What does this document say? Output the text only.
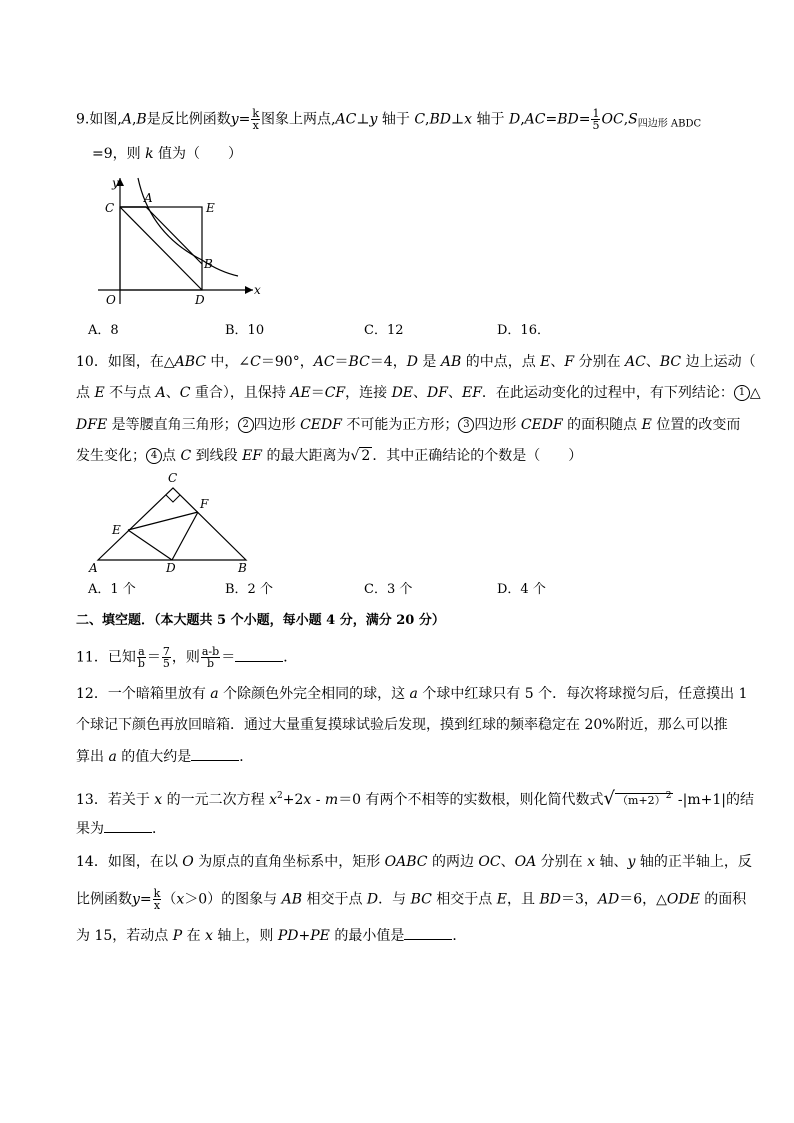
9.如图,A,B是反比例函数$y= \frac{k}{x}$ 图象上两点,AC⊥y 轴于 C,BD⊥x 轴于 $D,AC=BD= \frac{1}{5} OC,S_{四边形 ABDC}$
=9，则 k 值为（　　）
y
x
C
A
E
B
O	D
A．8	B．10	C．12	D．16．
10．如图，在△ABC 中，∠C＝90°，AC＝BC＝4，D 是 AB 的中点，点 E、F 分别在 AC、BC 边上运动（
点 E 不与点 A、C 重合），且保持 AE＝CF，连接 DE、DF、EF．在此运动变化的过程中，有下列结论： 1 △
DFE 是等腰直角三角形； 2 四边形 CEDF 不可能为正方形； 3 四边形 CEDF 的面积随点 E 位置的改变而
发生变化； 4 点 C 到线段 EF 的最大距离为√ 2 ．其中正确结论的个数是（　　）
C
F
E
A	D	B
A．1 个	B．2 个	C．3 个	D．4 个
二、填空题．（本大题共 5 个小题，每小题 4 分，满分 20 分）
11．已知 $\frac{a}{b} = \frac{7}{5}$ ，则 $\frac{a-b}{b}$ ＝	．
12．一个暗箱里放有 a 个除颜色外完全相同的球，这 a 个球中红球只有 5 个．每次将球搅匀后，任意摸出 1
个球记下颜色再放回暗箱．通过大量重复摸球试验后发现，摸到红球的频率稳定在 20%附近，那么可以推
算出 a 的值大约是	．
13．若关于 x 的一元二次方程 $x^2+2x - m=0$ 有两个不相等的实数根，则化简代数式√ $(m+2)^2$ -|m+1|的结
果为	．
14．如图，在以 O 为原点的直角坐标系中，矩形 OABC 的两边 OC、OA 分别在 x 轴、y 轴的正半轴上，反
比例函数$y= \frac{k}{x} (x>0)$的图象与 AB 相交于点 D．与 BC 相交于点 E，且 BD＝3，AD＝6，△ODE 的面积
为 15，若动点 P 在 x 轴上，则 PD+PE 的最小值是	．
